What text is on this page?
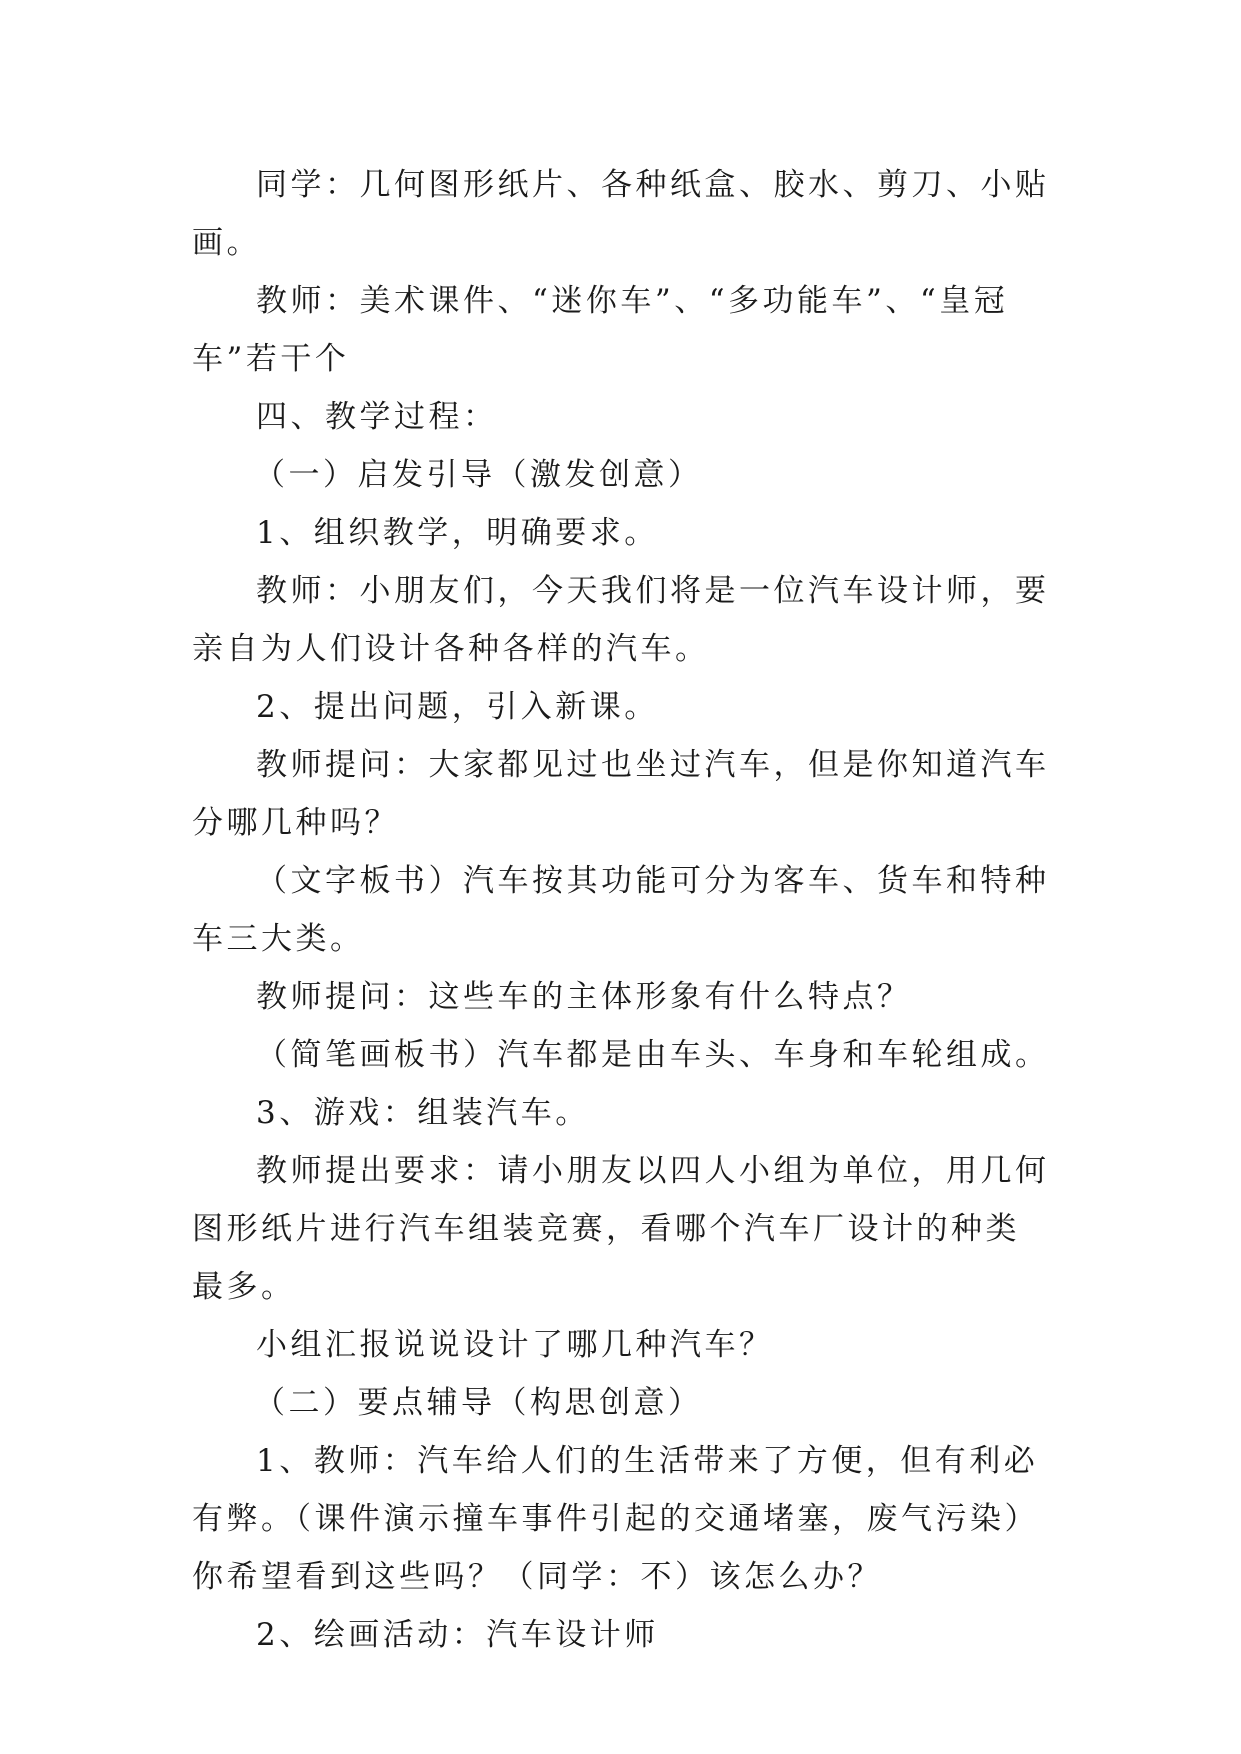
同学：几何图形纸片、各种纸盒、胶水、剪刀、小贴画。

教师：美术课件、“迷你车”、“多功能车”、“皇冠车”若干个

四、教学过程：

（一）启发引导（激发创意）

1、组织教学，明确要求。

教师：小朋友们，今天我们将是一位汽车设计师，要亲自为人们设计各种各样的汽车。

2、提出问题，引入新课。

教师提问：大家都见过也坐过汽车，但是你知道汽车分哪几种吗？

（文字板书）汽车按其功能可分为客车、货车和特种车三大类。

教师提问：这些车的主体形象有什么特点？

（简笔画板书）汽车都是由车头、车身和车轮组成。

3、游戏：组装汽车。

教师提出要求：请小朋友以四人小组为单位，用几何图形纸片进行汽车组装竞赛，看哪个汽车厂设计的种类最多。

小组汇报说说设计了哪几种汽车？

（二）要点辅导（构思创意）

1、教师：汽车给人们的生活带来了方便，但有利必有弊。（课件演示撞车事件引起的交通堵塞，废气污染）你希望看到这些吗？（同学：不）该怎么办？

2、绘画活动：汽车设计师
